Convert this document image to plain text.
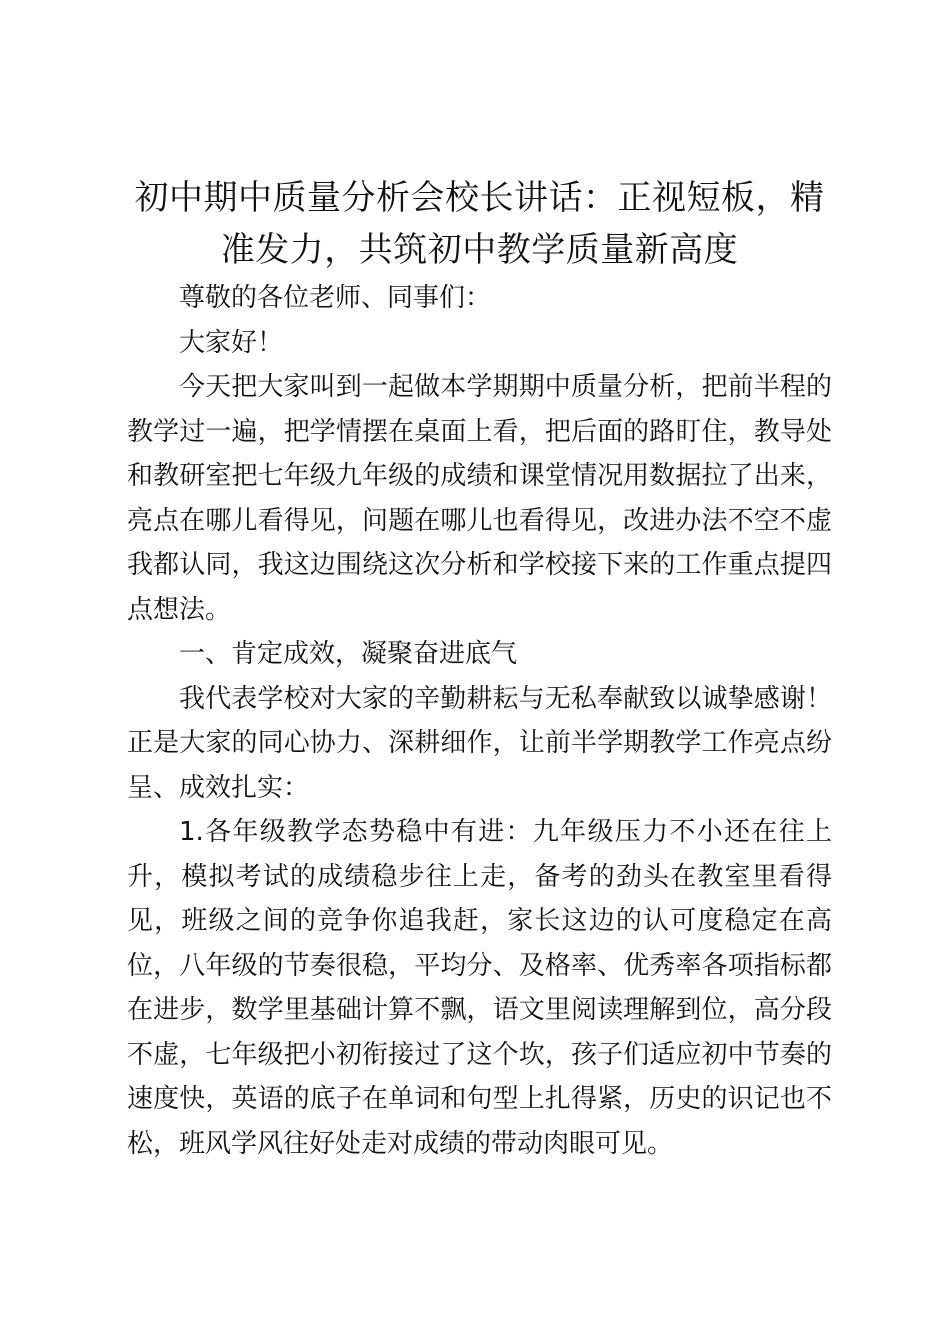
初中期中质量分析会校长讲话：正视短板，精准发力，共筑初中教学质量新高度

尊敬的各位老师、同事们：

大家好！

今天把大家叫到一起做本学期期中质量分析，把前半程的教学过一遍，把学情摆在桌面上看，把后面的路盯住，教导处和教研室把七年级九年级的成绩和课堂情况用数据拉了出来，亮点在哪儿看得见，问题在哪儿也看得见，改进办法不空不虚我都认同，我这边围绕这次分析和学校接下来的工作重点提四点想法。

一、肯定成效，凝聚奋进底气

我代表学校对大家的辛勤耕耘与无私奉献致以诚挚感谢！正是大家的同心协力、深耕细作，让前半学期教学工作亮点纷呈、成效扎实：

1.各年级教学态势稳中有进：九年级压力不小还在往上升，模拟考试的成绩稳步往上走，备考的劲头在教室里看得见，班级之间的竞争你追我赶，家长这边的认可度稳定在高位，八年级的节奏很稳，平均分、及格率、优秀率各项指标都在进步，数学里基础计算不飘，语文里阅读理解到位，高分段不虚，七年级把小初衔接过了这个坎，孩子们适应初中节奏的速度快，英语的底子在单词和句型上扎得紧，历史的识记也不松，班风学风往好处走对成绩的带动肉眼可见。
